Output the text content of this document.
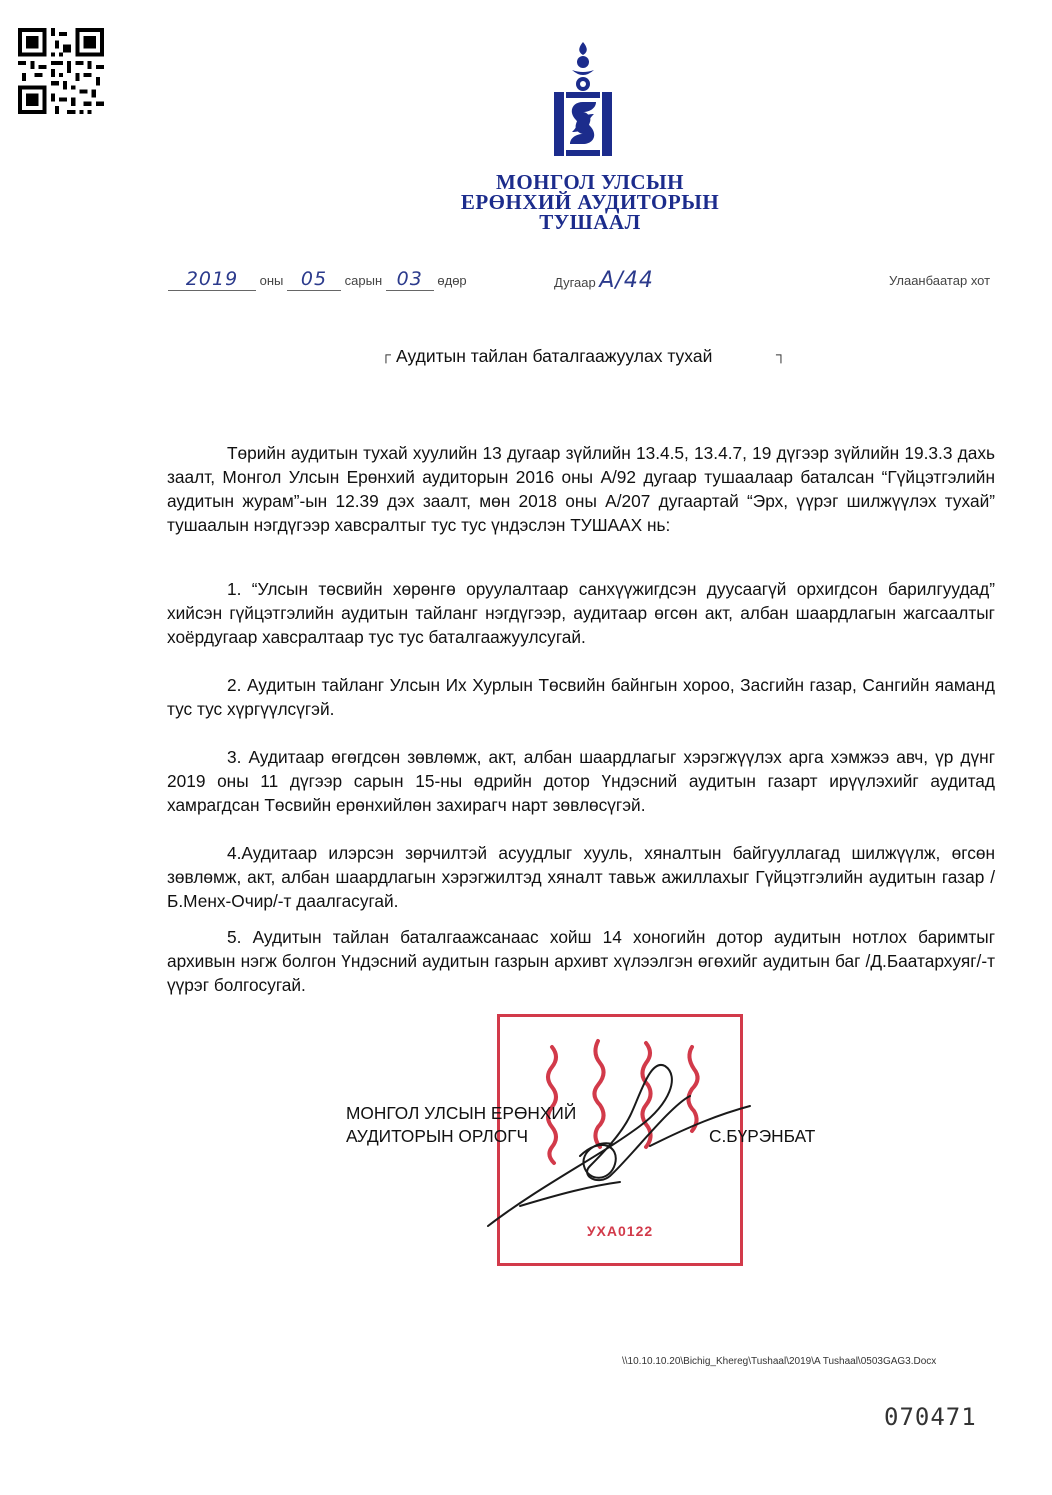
МОНГОЛ УЛСЫН
ЕРӨНХИЙ АУДИТОРЫН
ТУШААЛ
2019 оны 05 сарын 03 өдөр	Дугаар А/44	Улаанбаатар хот
┌ Аудитын тайлан баталгаажуулах тухай	┐

Төрийн аудитын тухай хуулийн 13 дугаар зүйлийн 13.4.5, 13.4.7, 19 дүгээр зүйлийн 19.3.3 дахь заалт, Монгол Улсын Ерөнхий аудиторын 2016 оны А/92 дугаар тушаалаар баталсан “Гүйцэтгэлийн аудитын журам”-ын 12.39 дэх заалт, мөн 2018 оны А/207 дугаартай “Эрх, үүрэг шилжүүлэх тухай” тушаалын нэгдүгээр хавсралтыг тус тус үндэслэн ТУШААХ нь:

1. “Улсын төсвийн хөрөнгө оруулалтаар санхүүжигдсэн дуусаагүй орхигдсон барилгуудад” хийсэн гүйцэтгэлийн аудитын тайланг нэгдүгээр, аудитаар өгсөн акт, албан шаардлагын жагсаалтыг хоёрдугаар хавсралтаар тус тус баталгаажуулсугай.

2. Аудитын тайланг Улсын Их Хурлын Төсвийн байнгын хороо, Засгийн газар, Сангийн яаманд тус тус хүргүүлсүгэй.

3. Аудитаар өгөгдсөн зөвлөмж, акт, албан шаардлагыг хэрэгжүүлэх арга хэмжээ авч, үр дүнг 2019 оны 11 дүгээр сарын 15-ны өдрийн дотор Үндэсний аудитын газарт ирүүлэхийг аудитад хамрагдсан Төсвийн ерөнхийлөн захирагч нарт зөвлөсүгэй.

4.Аудитаар илэрсэн зөрчилтэй асуудлыг хууль, хяналтын байгууллагад шилжүүлж, өгсөн зөвлөмж, акт, албан шаардлагын хэрэгжилтэд хяналт тавьж ажиллахыг Гүйцэтгэлийн аудитын газар /Б.Менх-Очир/-т даалгасугай.

5. Аудитын тайлан баталгаажсанаас хойш 14 хоногийн дотор аудитын нотлох баримтыг архивын нэгж болгон Үндэсний аудитын газрын архивт хүлээлгэн өгөхийг аудитын баг /Д.Баатархуяг/-т үүрэг болгосугай.

УХА0122
МОНГОЛ УЛСЫН ЕРӨНХИЙ
АУДИТОРЫН ОРЛОГЧ	С.БҮРЭНБАТ
\\10.10.10.20\Bichig_Khereg\Tushaal\2019\A Tushaal\0503GAG3.Docx
070471
